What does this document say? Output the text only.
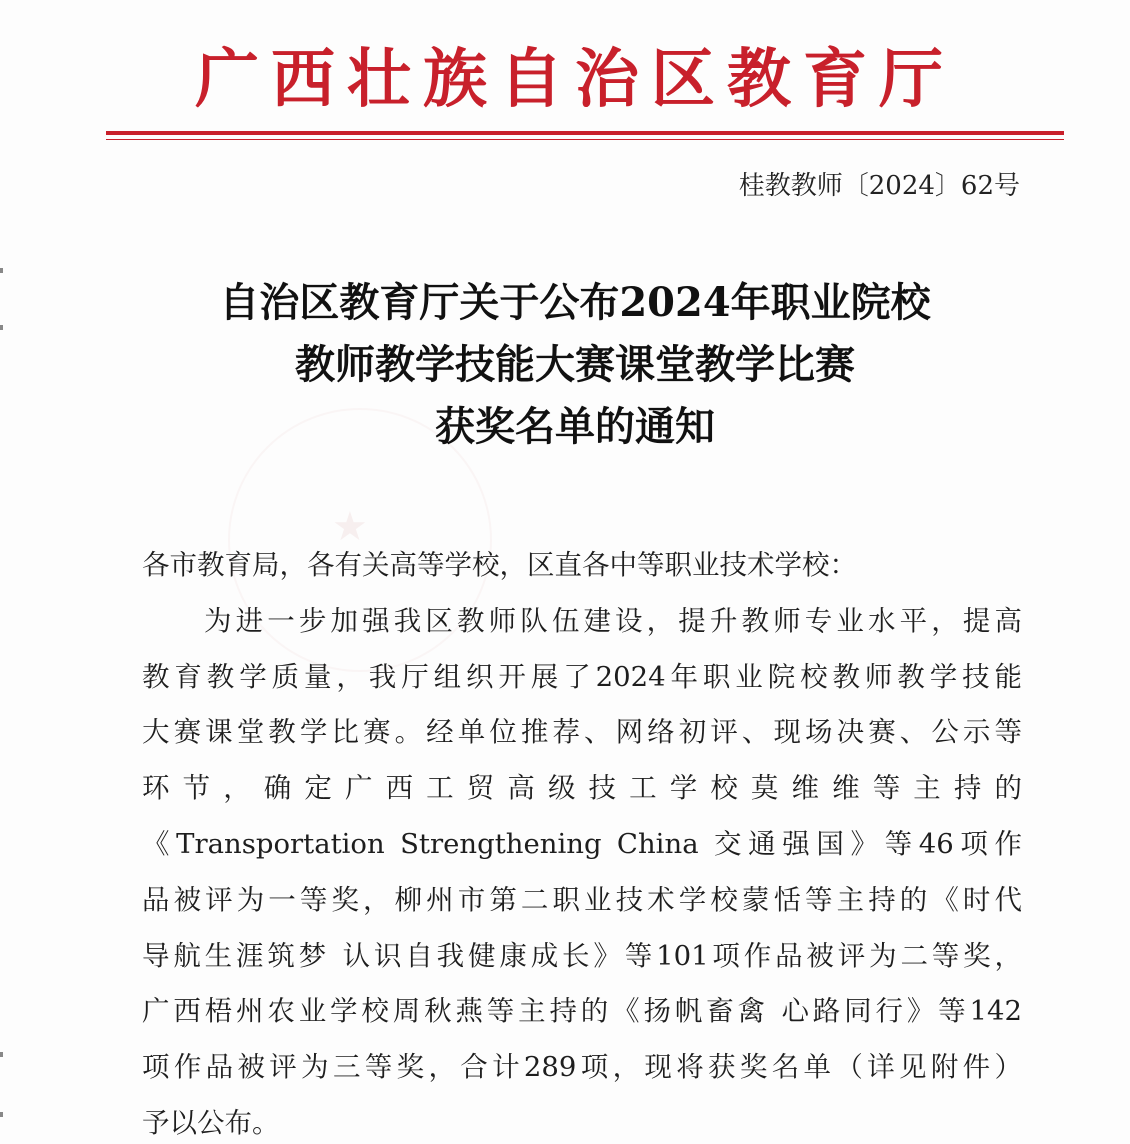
广西壮族自治区教育厅
桂教教师〔2024〕62号
★
自治区教育厅关于公布2024年职业院校
教师教学技能大赛课堂教学比赛
获奖名单的通知
各市教育局，各有关高等学校，区直各中等职业技术学校：
为进一步加强我区教师队伍建设，提升教师专业水平，提高
教育教学质量，我厅组织开展了2024年职业院校教师教学技能
大赛课堂教学比赛。经单位推荐、网络初评、现场决赛、公示等
环节，确定广西工贸高级技工学校莫维维等主持的
《Transportation Strengthening China 交通强国》等46项作
品被评为一等奖，柳州市第二职业技术学校蒙恬等主持的《时代
导航生涯筑梦 认识自我健康成长》等101项作品被评为二等奖，
广西梧州农业学校周秋燕等主持的《扬帆畜禽 心路同行》等142
项作品被评为三等奖，合计289项，现将获奖名单（详见附件）
予以公布。
